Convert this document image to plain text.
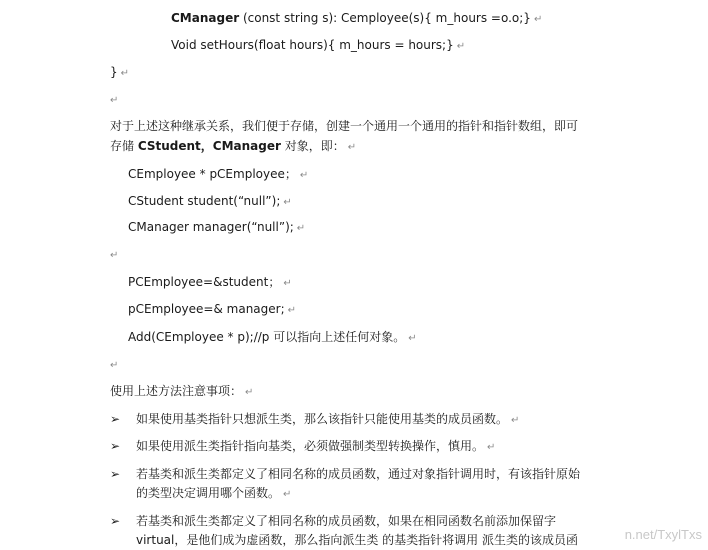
CManager (const string s): Cemployee(s){ m_hours =o.o;} ↵
Void setHours(float hours){ m_hours = hours;} ↵
} ↵
↵
对于上述这种继承关系，我们便于存储，创建一个通用一个通用的指针和指针数组，即可
存储 CStudent，CManager 对象，即： ↵
CEmployee * pCEmployee； ↵
CStudent student(“null”); ↵
CManager manager(“null”); ↵
↵
PCEmployee=&student； ↵
pCEmployee=& manager; ↵
Add(CEmployee * p);//p 可以指向上述任何对象。 ↵
↵
使用上述方法注意事项： ↵
➢ 如果使用基类指针只想派生类，那么该指针只能使用基类的成员函数。 ↵
➢ 如果使用派生类指针指向基类，必须做强制类型转换操作，慎用。 ↵
➢ 若基类和派生类都定义了相同名称的成员函数，通过对象指针调用时，有该指针原始
的类型决定调用哪个函数。 ↵
➢ 若基类和派生类都定义了相同名称的成员函数，如果在相同函数名前添加保留字
virtual，是他们成为虚函数，那么指向派生类 的基类指针将调用 派生类的该成员函	n.net/TxylTxs
